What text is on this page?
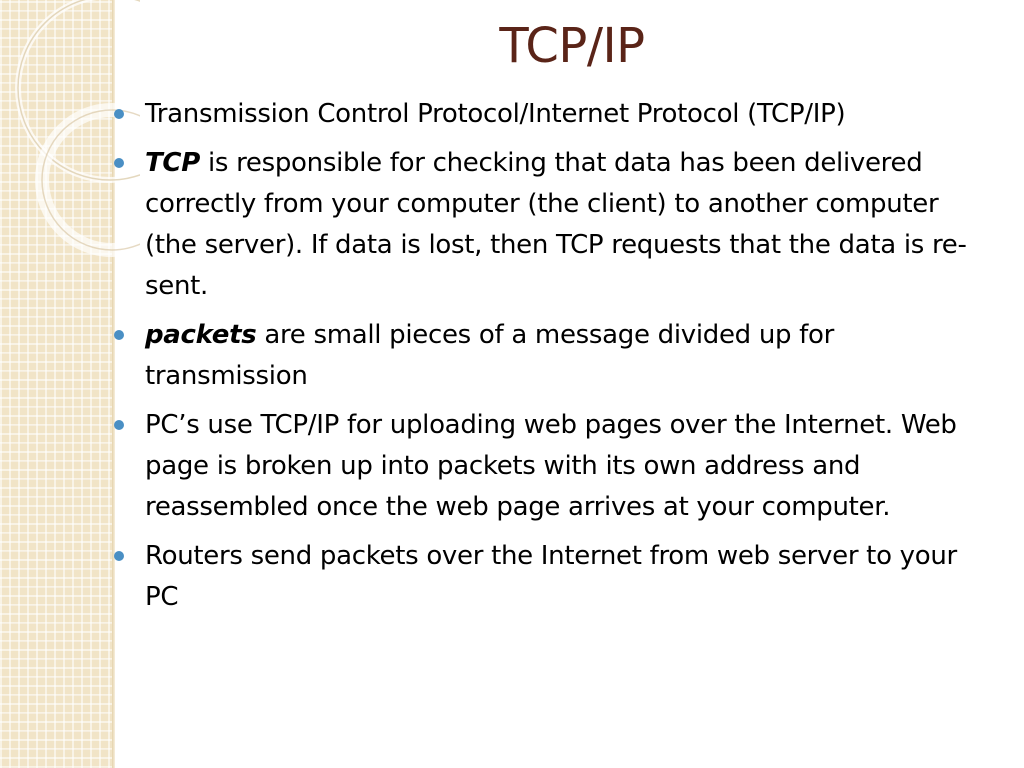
TCP/IP
Transmission Control Protocol/Internet Protocol (TCP/IP)
TCP is responsible for checking that data has been delivered correctly from your computer (the client) to another computer (the server). If data is lost, then TCP requests that the data is re-sent.
packets are small pieces of a message divided up for transmission
PC’s use TCP/IP for uploading web pages over the Internet. Web page is broken up into packets with its own address and reassembled once the web page arrives at your computer.
Routers send packets over the Internet from web server to your PC
